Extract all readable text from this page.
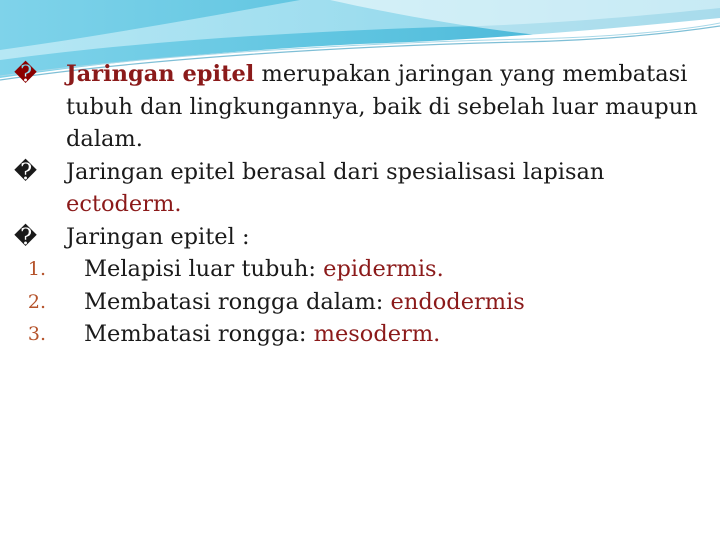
�	Jaringan epitel merupakan jaringan yang membatasi tubuh dan lingkungannya, baik di sebelah luar maupun dalam.
�	Jaringan epitel berasal dari spesialisasi lapisan ectoderm.
�	Jaringan epitel :
1.	Melapisi luar tubuh: epidermis.
2.	Membatasi rongga dalam: endodermis
3.	Membatasi rongga: mesoderm.
